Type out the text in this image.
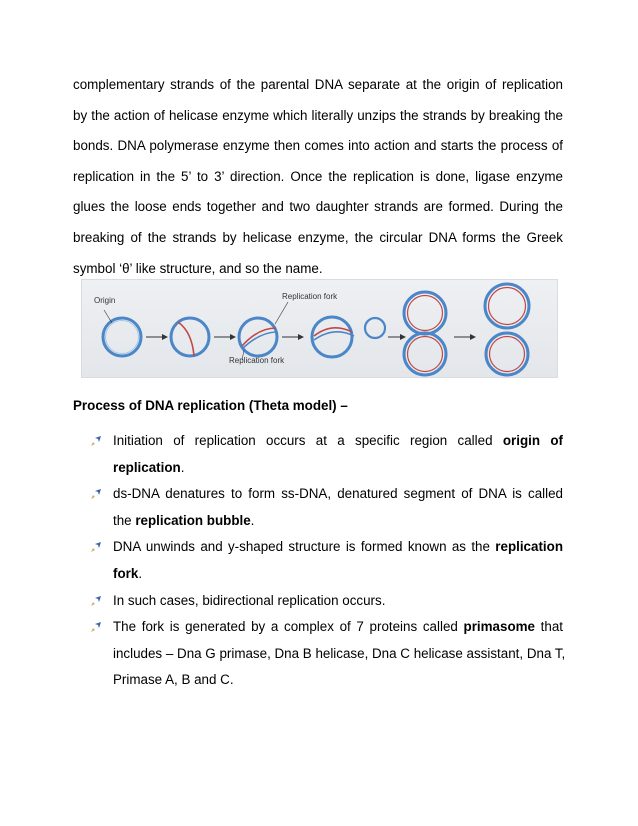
complementary strands of the parental DNA separate at the origin of replication
by the action of helicase enzyme which literally unzips the strands by breaking the
bonds. DNA polymerase enzyme then comes into action and starts the process of
replication in the 5’ to 3’ direction. Once the replication is done, ligase enzyme
glues the loose ends together and two daughter strands are formed. During the
breaking of the strands by helicase enzyme, the circular DNA forms the Greek
symbol ‘θ’ like structure, and so the name.
Origin	Replication fork
Replication fork
Process of DNA replication (Theta model) –
Initiation of replication occurs at a specific region called origin of
replication.
ds-DNA denatures to form ss-DNA, denatured segment of DNA is called
the replication bubble.
DNA unwinds and y-shaped structure is formed known as the replication
fork.
In such cases, bidirectional replication occurs.
The fork is generated by a complex of 7 proteins called primasome that
includes – Dna G primase, Dna B helicase, Dna C helicase assistant, Dna T,
Primase A, B and C.
